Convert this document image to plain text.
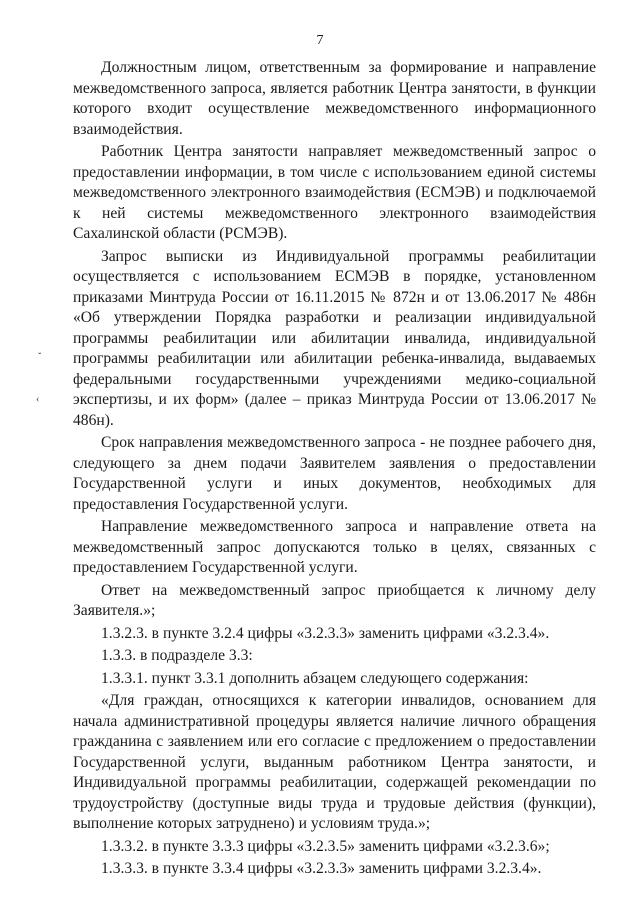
7
ˇ
‹

Должностным лицом, ответственным за формирование и направление межведомственного запроса, является работник Центра занятости, в функции которого входит осуществление межведомственного информационного взаимодействия.

Работник Центра занятости направляет межведомственный запрос о предоставлении информации, в том числе с использованием единой системы межведомственного электронного взаимодействия (ЕСМЭВ) и подключаемой к ней системы межведомственного электронного взаимодействия Сахалинской области (РСМЭВ).

Запрос выписки из Индивидуальной программы реабилитации осуществляется с использованием ЕСМЭВ в порядке, установленном приказами Минтруда России от 16.11.2015 № 872н и от 13.06.2017 № 486н «Об утверждении Порядка разработки и реализации индивидуальной программы реабилитации или абилитации инвалида, индивидуальной программы реабилитации или абилитации ребенка-инвалида, выдаваемых федеральными государственными учреждениями медико-социальной экспертизы, и их форм» (далее – приказ Минтруда России от 13.06.2017 № 486н).

Срок направления межведомственного запроса - не позднее рабочего дня, следующего за днем подачи Заявителем заявления о предоставлении Государственной услуги и иных документов, необходимых для предоставления Государственной услуги.

Направление межведомственного запроса и направление ответа на межведомственный запрос допускаются только в целях, связанных с предоставлением Государственной услуги.

Ответ на межведомственный запрос приобщается к личному делу Заявителя.»;

1.3.2.3. в пункте 3.2.4 цифры «3.2.3.3» заменить цифрами «3.2.3.4».

1.3.3. в подразделе 3.3:

1.3.3.1. пункт 3.3.1 дополнить абзацем следующего содержания:

«Для граждан, относящихся к категории инвалидов, основанием для начала административной процедуры является наличие личного обращения гражданина с заявлением или его согласие с предложением о предоставлении Государственной услуги, выданным работником Центра занятости, и Индивидуальной программы реабилитации, содержащей рекомендации по трудоустройству (доступные виды труда и трудовые действия (функции), выполнение которых затруднено) и условиям труда.»;

1.3.3.2. в пункте 3.3.3 цифры «3.2.3.5» заменить цифрами «3.2.3.6»;

1.3.3.3. в пункте 3.3.4 цифры «3.2.3.3» заменить цифрами 3.2.3.4».
